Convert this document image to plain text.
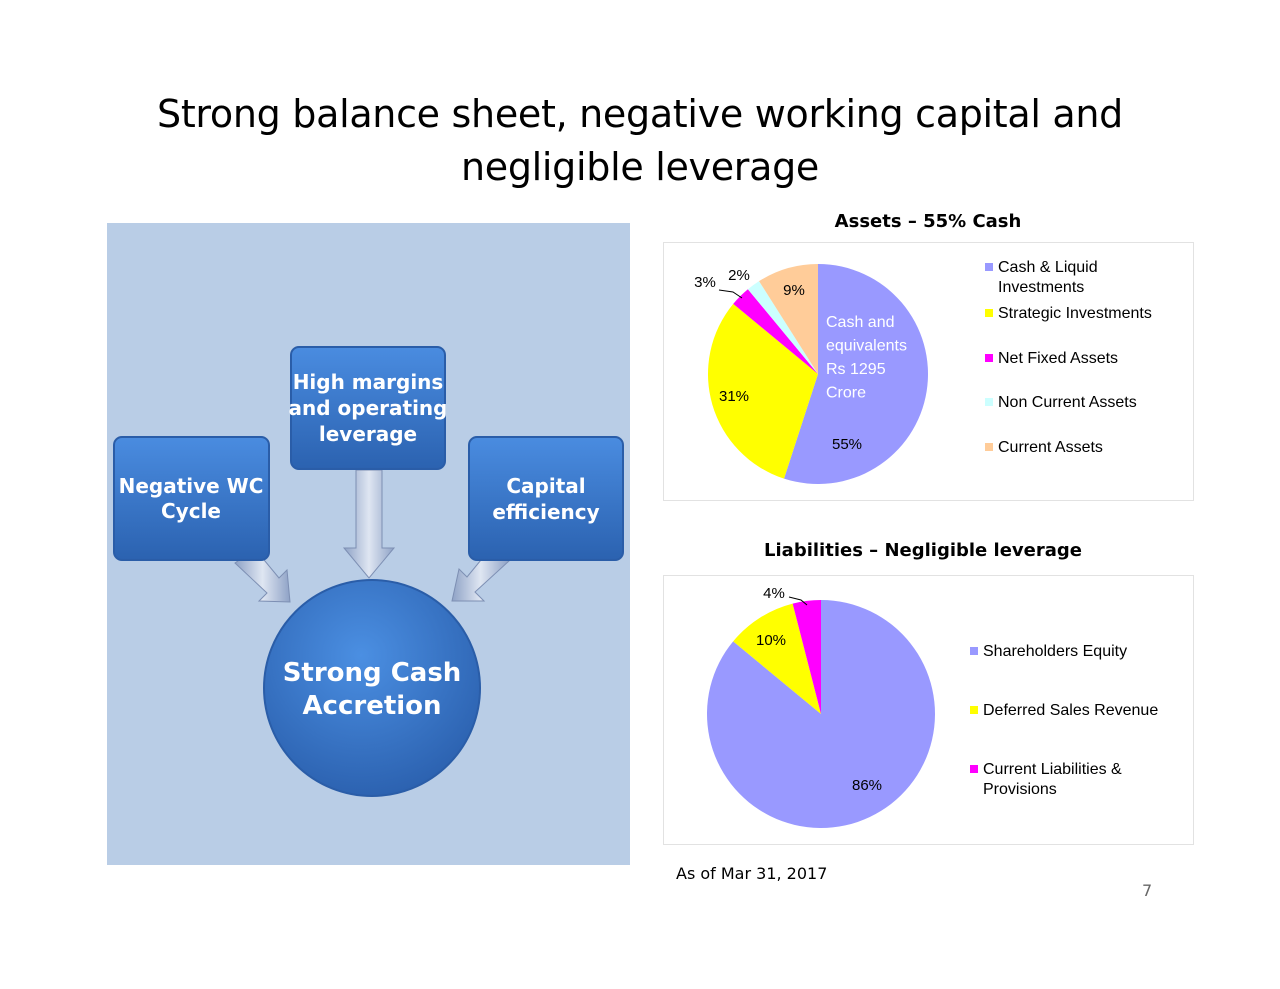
Strong balance sheet, negative working capital and
negligible leverage
High margins
and operating
leverage
Negative WC
Cycle
Capital
efficiency
Strong Cash
Accretion
Assets – 55% Cash
55%
31%
3% 2%
9%
Cash & Liquid Investments
Strategic Investments
Net Fixed Assets
Non Current Assets
Current Assets
Cash and
equivalents
Rs 1295
Crore
Liabilities – Negligible leverage
86%
10%
4%
Shareholders Equity
Deferred Sales Revenue
Current Liabilities & Provisions
As of Mar 31, 2017
7
